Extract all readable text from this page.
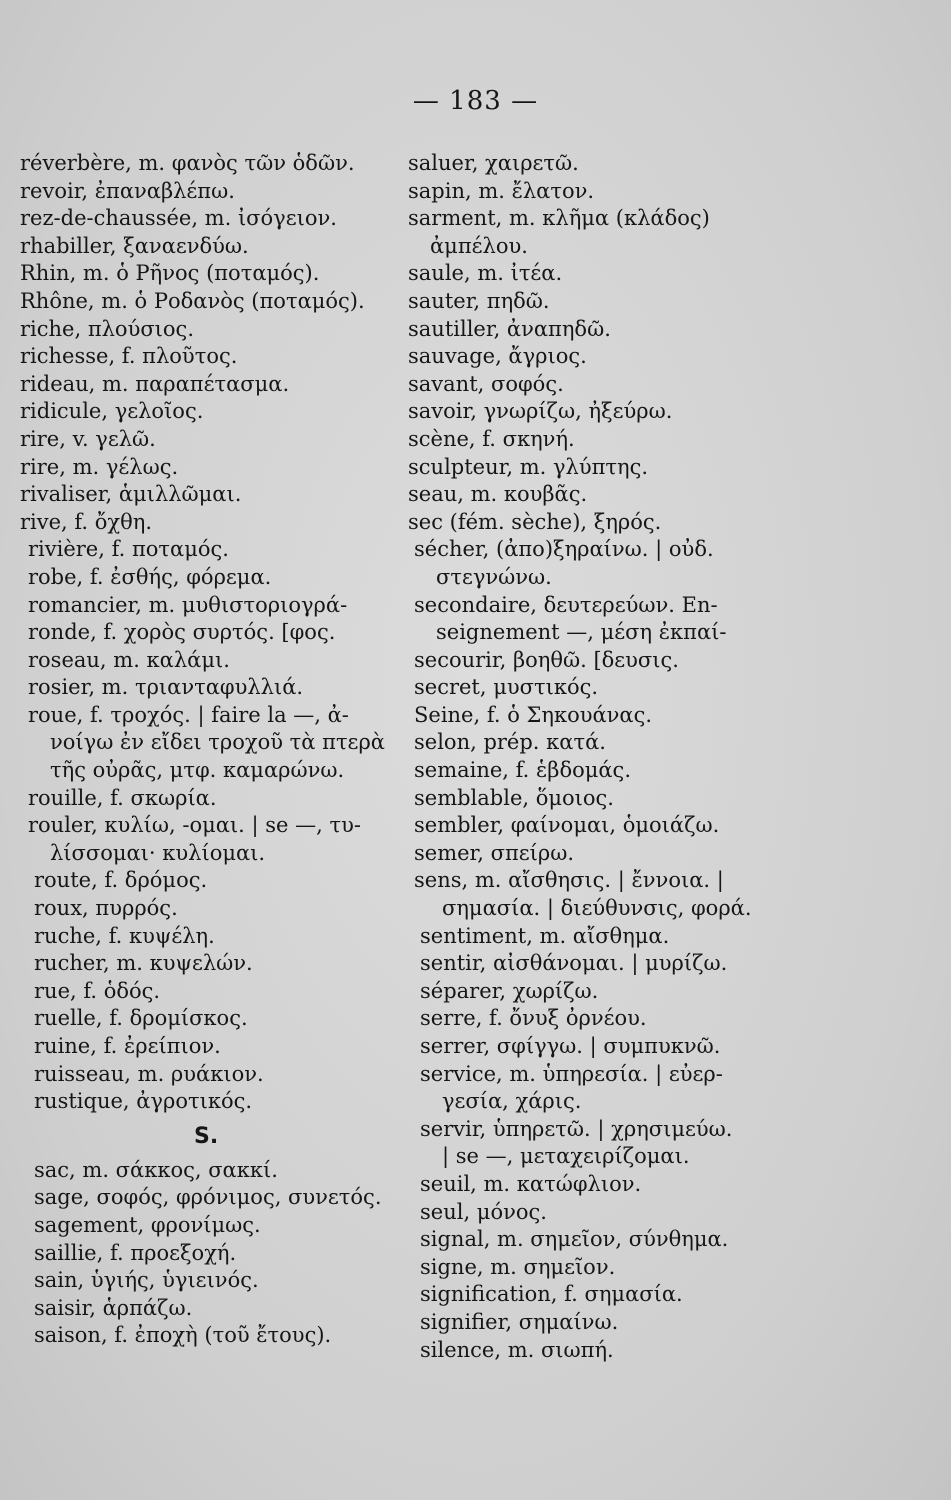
— 183 —
réverbère, m. φανὸς τῶν ὁδῶν.
revoir, ἐπαναβλέπω.
rez-de-chaussée, m. ἰσόγειον.
rhabiller, ξαναενδύω.
Rhin, m. ὁ Ρῆνος (ποταμός).
Rhône, m. ὁ Ροδανὸς (ποταμός).
riche, πλούσιος.
richesse, f. πλοῦτος.
rideau, m. παραπέτασμα.
ridicule, γελοῖος.
rire, v. γελῶ.
rire, m. γέλως.
rivaliser, ἁμιλλῶμαι.
rive, f. ὄχθη.
rivière, f. ποταμός.
robe, f. ἐσθής, φόρεμα.
romancier, m. μυθιστοριογρά-
ronde, f. χορὸς συρτός. [φος.
roseau, m. καλάμι.
rosier, m. τριανταφυλλιά.
roue, f. τροχός. | faire la —, ἀ-
νοίγω ἐν εἴδει τροχοῦ τὰ πτερὰ
τῆς οὐρᾶς, μτφ. καμαρώνω.
rouille, f. σκωρία.
rouler, κυλίω, -ομαι. | se —, τυ-
λίσσομαι· κυλίομαι.
route, f. δρόμος.
roux, πυρρός.
ruche, f. κυψέλη.
rucher, m. κυψελών.
rue, f. ὁδός.
ruelle, f. δρομίσκος.
ruine, f. ἐρείπιον.
ruisseau, m. ρυάκιον.
rustique, ἀγροτικός.
S.
sac, m. σάκκος, σακκί.
sage, σοφός, φρόνιμος, συνετός.
sagement, φρονίμως.
saillie, f. προεξοχή.
sain, ὑγιής, ὑγιεινός.
saisir, ἁρπάζω.
saison, f. ἐποχὴ (τοῦ ἔτους).
saluer, χαιρετῶ.
sapin, m. ἔλατον.
sarment, m. κλῆμα (κλάδος)
ἀμπέλου.
saule, m. ἰτέα.
sauter, πηδῶ.
sautiller, ἀναπηδῶ.
sauvage, ἄγριος.
savant, σοφός.
savoir, γνωρίζω, ἠξεύρω.
scène, f. σκηνή.
sculpteur, m. γλύπτης.
seau, m. κουβᾶς.
sec (fém. sèche), ξηρός.
sécher, (ἀπο)ξηραίνω. | οὐδ.
στεγνώνω.
secondaire, δευτερεύων. En-
seignement —, μέση ἐκπαί-
secourir, βοηθῶ. [δευσις.
secret, μυστικός.
Seine, f. ὁ Σηκουάνας.
selon, prép. κατά.
semaine, f. ἑβδομάς.
semblable, ὅμοιος.
sembler, φαίνομαι, ὁμοιάζω.
semer, σπείρω.
sens, m. αἴσθησις. | ἔννοια. |
σημασία. | διεύθυνσις, φορά.
sentiment, m. αἴσθημα.
sentir, αἰσθάνομαι. | μυρίζω.
séparer, χωρίζω.
serre, f. ὄνυξ ὀρνέου.
serrer, σφίγγω. | συμπυκνῶ.
service, m. ὑπηρεσία. | εὐερ-
γεσία, χάρις.
servir, ὑπηρετῶ. | χρησιμεύω.
| se —, μεταχειρίζομαι.
seuil, m. κατώφλιον.
seul, μόνος.
signal, m. σημεῖον, σύνθημα.
signe, m. σημεῖον.
signification, f. σημασία.
signifier, σημαίνω.
silence, m. σιωπή.
